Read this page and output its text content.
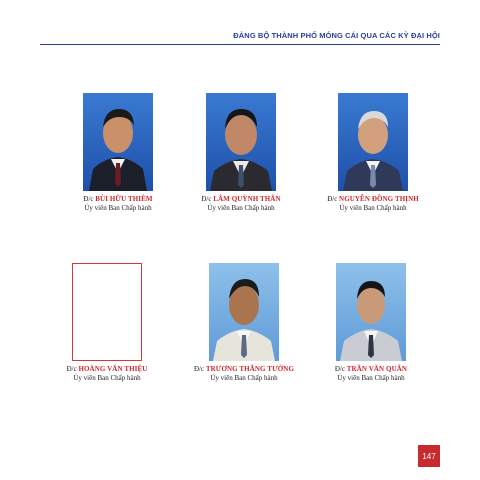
ĐẢNG BỘ THÀNH PHỐ MÓNG CÁI QUA CÁC KỲ ĐẠI HỘI
Đ/c BÙI HỮU THIÊM
Ủy viên Ban Chấp hành
Đ/c LÂM QUỲNH THÂN
Ủy viên Ban Chấp hành
Đ/c NGUYỄN ĐỒNG THỊNH
Ủy viên Ban Chấp hành
Đ/c HOÀNG VĂN THIỆU
Ủy viên Ban Chấp hành
Đ/c TRƯƠNG THẮNG TƯỜNG
Ủy viên Ban Chấp hành
Đ/c TRẦN VĂN QUÂN
Ủy viên Ban Chấp hành
147
